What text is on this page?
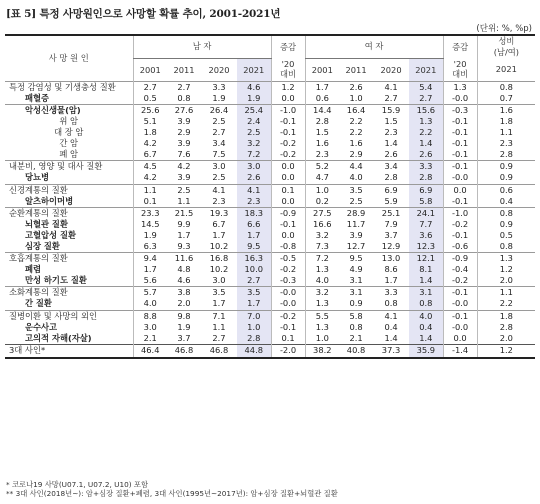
[표 5] 특정 사망원인으로 사망할 확률 추이, 2001-2021년
(단위: %, %p)
사 망 원 인	남 자				증감	여 자				증감	성비
(남/여)
	2001	2011	2020	2021	'20
대비	2001	2011	2020	2021	'20
대비	2021
특정 감염성 및 기생충성 질환	2.7	2.7	3.3	4.6	1.2	1.7	2.6	4.1	5.4	1.3	0.8
패혈증	0.5	0.8	1.9	1.9	0.0	0.6	1.0	2.7	2.7	-0.0	0.7
악성신생물(암)	25.6	27.6	26.4	25.4	-1.0	14.4	16.4	15.9	15.6	-0.3	1.6
위 암	5.1	3.9	2.5	2.4	-0.1	2.8	2.2	1.5	1.3	-0.1	1.8
대 장 암	1.8	2.9	2.7	2.5	-0.1	1.5	2.2	2.3	2.2	-0.1	1.1
간 암	4.2	3.9	3.4	3.2	-0.2	1.6	1.6	1.4	1.4	-0.1	2.3
폐 암	6.7	7.6	7.5	7.2	-0.2	2.3	2.9	2.6	2.6	-0.1	2.8
내분비, 영양 및 대사 질환	4.5	4.2	3.0	3.0	0.0	5.2	4.4	3.4	3.3	-0.1	0.9
당뇨병	4.2	3.9	2.5	2.6	0.0	4.7	4.0	2.8	2.8	-0.0	0.9
신경계통의 질환	1.1	2.5	4.1	4.1	0.1	1.0	3.5	6.9	6.9	0.0	0.6
알츠하이머병	0.1	1.1	2.3	2.3	0.0	0.2	2.5	5.9	5.8	-0.1	0.4
순환계통의 질환	23.3	21.5	19.3	18.3	-0.9	27.5	28.9	25.1	24.1	-1.0	0.8
뇌혈관 질환	14.5	9.9	6.7	6.6	-0.1	16.6	11.7	7.9	7.7	-0.2	0.9
고혈압성 질환	1.9	1.7	1.7	1.7	0.0	3.2	3.9	3.7	3.6	-0.1	0.5
심장 질환	6.3	9.3	10.2	9.5	-0.8	7.3	12.7	12.9	12.3	-0.6	0.8
호흡계통의 질환	9.4	11.6	16.8	16.3	-0.5	7.2	9.5	13.0	12.1	-0.9	1.3
폐렴	1.7	4.8	10.2	10.0	-0.2	1.3	4.9	8.6	8.1	-0.4	1.2
만성 하기도 질환	5.6	4.6	3.0	2.7	-0.3	4.0	3.1	1.7	1.4	-0.2	2.0
소화계통의 질환	5.7	3.8	3.5	3.5	-0.0	3.2	3.1	3.3	3.1	-0.1	1.1
간 질환	4.0	2.0	1.7	1.7	-0.0	1.3	0.9	0.8	0.8	-0.0	2.2
질병이환 및 사망의 외인	8.8	9.8	7.1	7.0	-0.2	5.5	5.8	4.1	4.0	-0.1	1.8
운수사고	3.0	1.9	1.1	1.0	-0.1	1.3	0.8	0.4	0.4	-0.0	2.8
고의적 자해(자살)	2.1	3.7	2.7	2.8	0.1	1.0	2.1	1.4	1.4	0.0	2.0
3대 사인*	46.4	46.8	46.8	44.8	-2.0	38.2	40.8	37.3	35.9	-1.4	1.2
* 코로나19 사망(U07.1, U07.2, U10) 포함
** 3대 사인(2018년~): 암+심장 질환+폐렴, 3대 사인(1995년~2017년): 암+심장 질환+뇌혈관 질환
